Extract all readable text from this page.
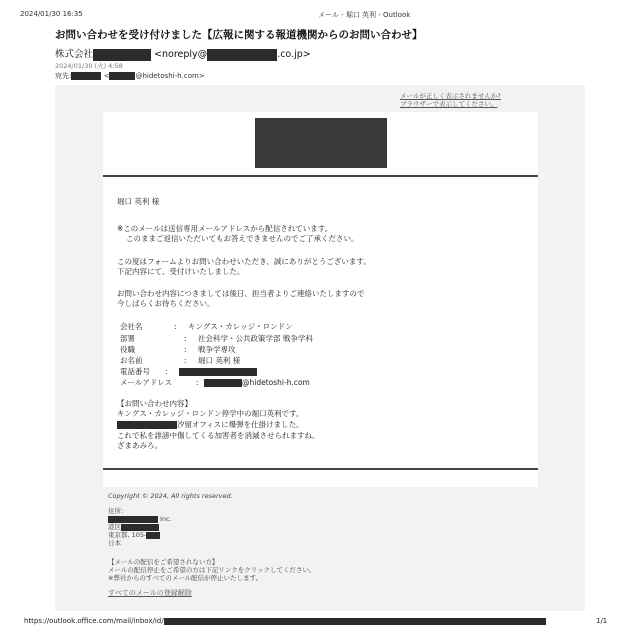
2024/01/30 16:35	メール - 堀口 英利 - Outlook
お問い合わせを受け付けました【広報に関する報道機関からのお問い合わせ】
株式会社	<noreply@	.co.jp>
2024/01/30 (火) 4:58
宛先:	<	@hidetoshi-h.com>
メールが正しく表示されませんか?
ブラウザーで表示してください。
堀口 英利 様
※このメールは送信専用メールアドレスから配信されています。
このままご返信いただいてもお答えできませんのでご了承ください。
この度はフォームよりお問い合わせいただき、誠にありがとうございます。
下記内容にて、受付けいたしました。
お問い合わせ内容につきましては後日、担当者よりご連絡いたしますので
今しばらくお待ちください。
会社名	: キングス・カレッジ・ロンドン
部署	: 社会科学・公共政策学部 戦争学科
役職	: 戦争学専攻
お名前	: 堀口 英利 様
電話番号 :
メールアドレス	:	@hidetoshi-h.com
【お問い合わせ内容】
キングス・カレッジ・ロンドン停学中の堀口英利です。
汐留オフィスに爆弾を仕掛けました。
これで私を誹謗中傷してくる加害者を消滅させられますね。
ざまあみろ。
Copyright © 2024, All rights reserved.
住所:
Inc.
港区
東京都, 105-
日本
【メールの配信をご希望されない方】
メールの配信停止をご希望の方は下記リンクをクリックしてください。
※弊社からのすべてのメール配信が停止いたします。
すべてのメールの登録解除
https://outlook.office.com/mail/inbox/id/	1/1
